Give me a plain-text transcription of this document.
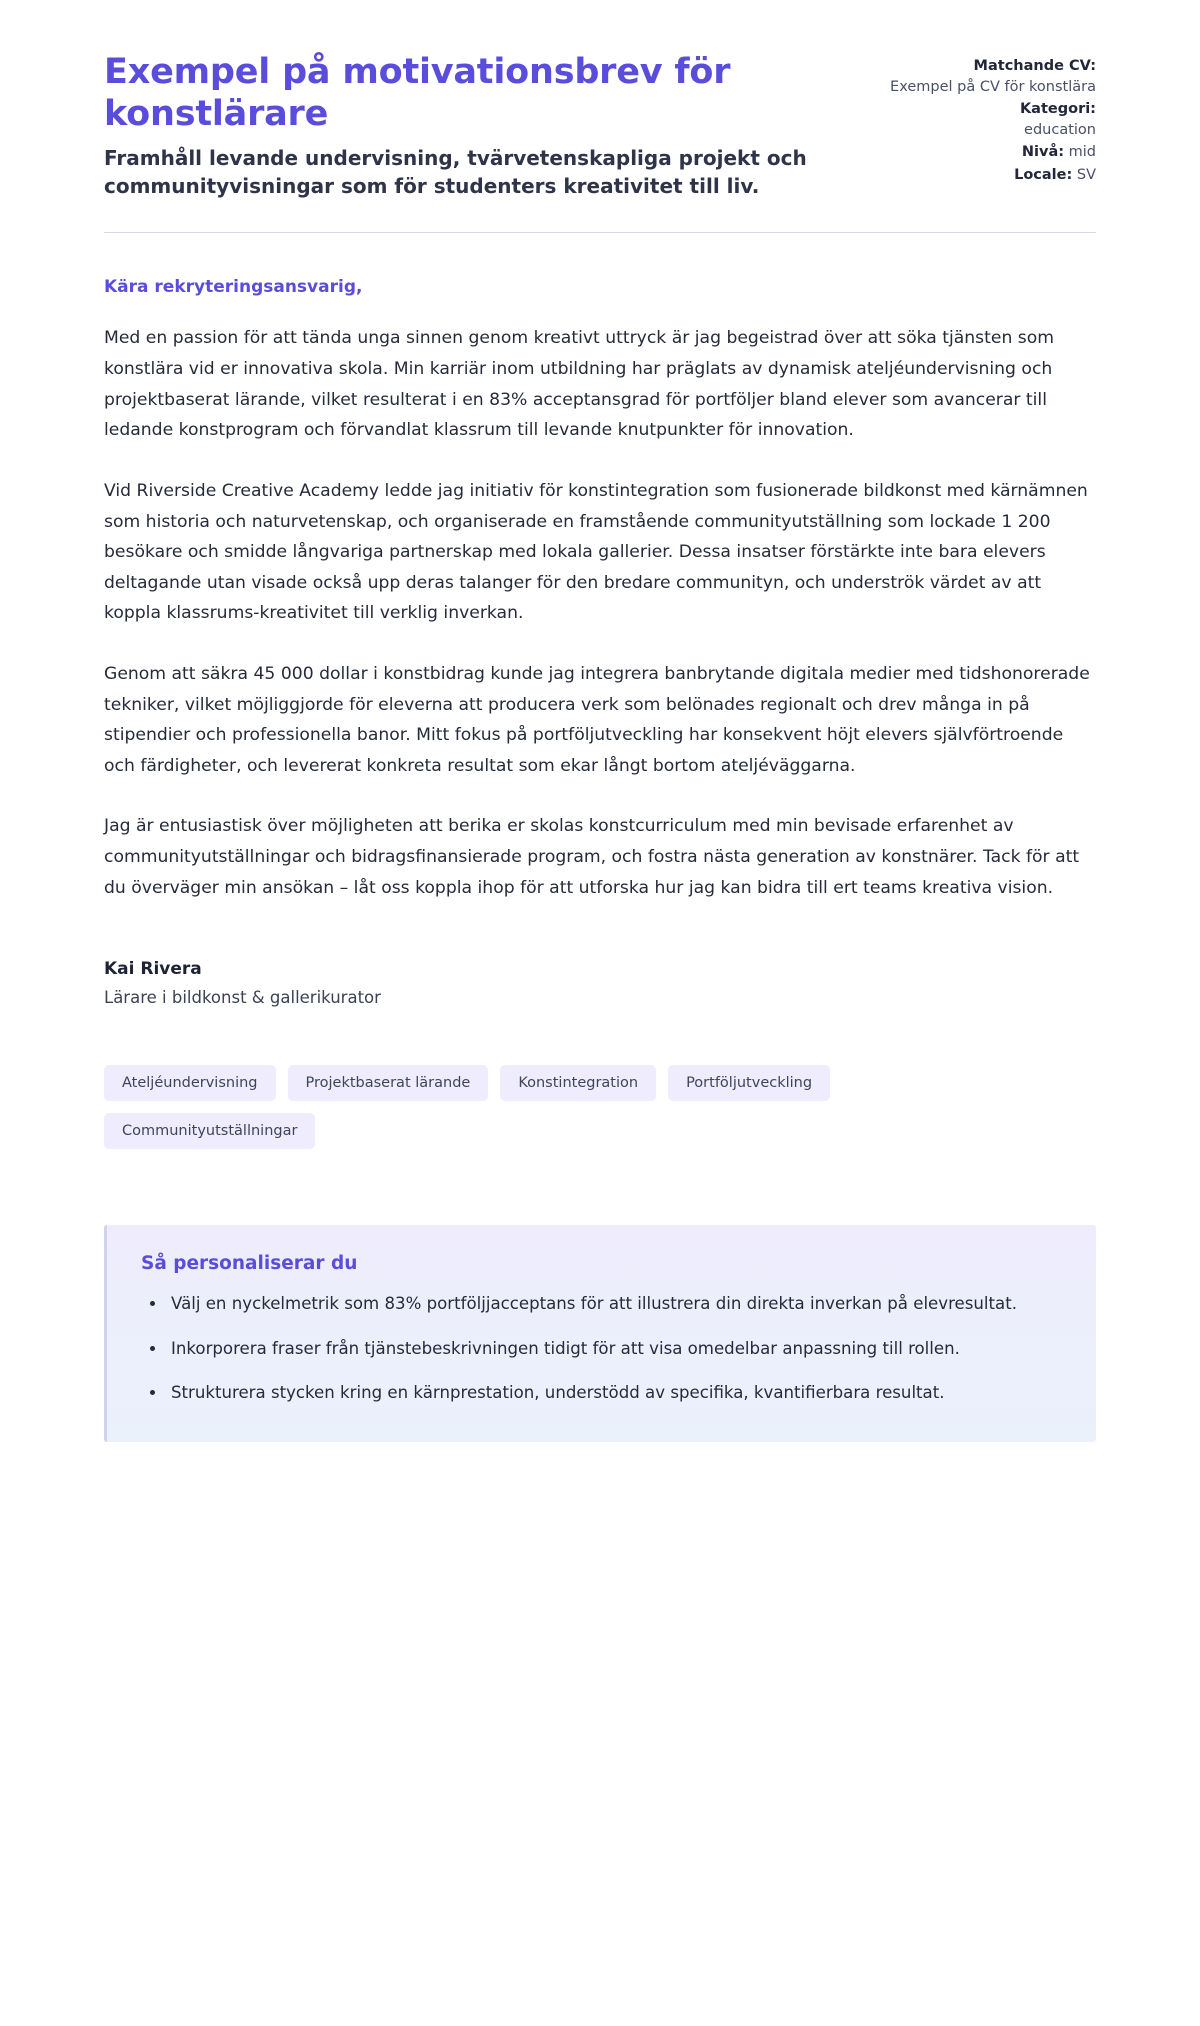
Exempel på motivationsbrev för konstlärare

Framhåll levande undervisning, tvärvetenskapliga projekt och communityvisningar som för studenters kreativitet till liv.

Matchande CV:
Exempel på CV för konstlära
Kategori:
education
Nivå: mid
Locale: SV

Kära rekryteringsansvarig,

Med en passion för att tända unga sinnen genom kreativt uttryck är jag begeistrad över att söka tjänsten som konstlära vid er innovativa skola. Min karriär inom utbildning har präglats av dynamisk ateljéundervisning och projektbaserat lärande, vilket resulterat i en 83% acceptansgrad för portföljer bland elever som avancerar till ledande konstprogram och förvandlat klassrum till levande knutpunkter för innovation.

Vid Riverside Creative Academy ledde jag initiativ för konstintegration som fusionerade bildkonst med kärnämnen som historia och naturvetenskap, och organiserade en framstående communityutställning som lockade 1 200 besökare och smidde långvariga partnerskap med lokala gallerier. Dessa insatser förstärkte inte bara elevers deltagande utan visade också upp deras talanger för den bredare communityn, och underströk värdet av att koppla klassrums-kreativitet till verklig inverkan.

Genom att säkra 45 000 dollar i konstbidrag kunde jag integrera banbrytande digitala medier med tidshonorerade tekniker, vilket möjliggjorde för eleverna att producera verk som belönades regionalt och drev många in på stipendier och professionella banor. Mitt fokus på portföljutveckling har konsekvent höjt elevers självförtroende och färdigheter, och levererat konkreta resultat som ekar långt bortom ateljéväggarna.

Jag är entusiastisk över möjligheten att berika er skolas konstcurriculum med min bevisade erfarenhet av communityutställningar och bidragsfinansierade program, och fostra nästa generation av konstnärer. Tack för att du överväger min ansökan – låt oss koppla ihop för att utforska hur jag kan bidra till ert teams kreativa vision.

Kai Rivera

Lärare i bildkonst & gallerikurator

Ateljéundervisning	Projektbaserat lärande	Konstintegration	Portföljutveckling
Communityutställningar

Så personaliserar du

• Välj en nyckelmetrik som 83% portföljjacceptans för att illustrera din direkta inverkan på elevresultat.
• Inkorporera fraser från tjänstebeskrivningen tidigt för att visa omedelbar anpassning till rollen.
• Strukturera stycken kring en kärnprestation, understödd av specifika, kvantifierbara resultat.
